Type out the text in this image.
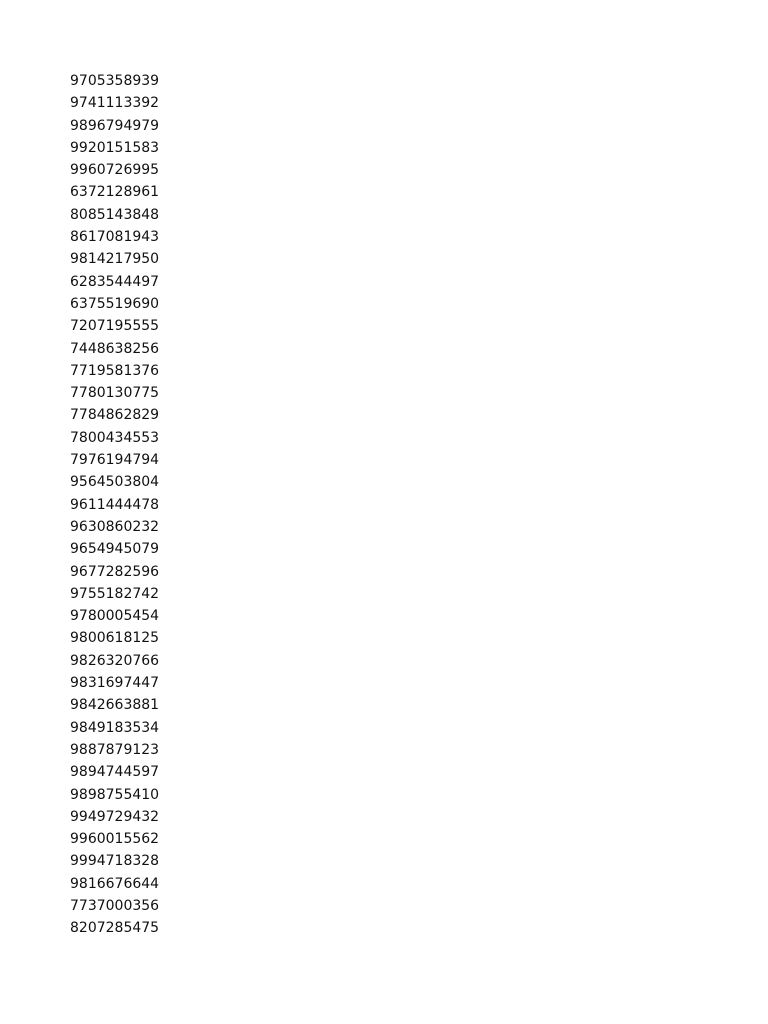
9705358939
9741113392
9896794979
9920151583
9960726995
6372128961
8085143848
8617081943
9814217950
6283544497
6375519690
7207195555
7448638256
7719581376
7780130775
7784862829
7800434553
7976194794
9564503804
9611444478
9630860232
9654945079
9677282596
9755182742
9780005454
9800618125
9826320766
9831697447
9842663881
9849183534
9887879123
9894744597
9898755410
9949729432
9960015562
9994718328
9816676644
7737000356
8207285475
